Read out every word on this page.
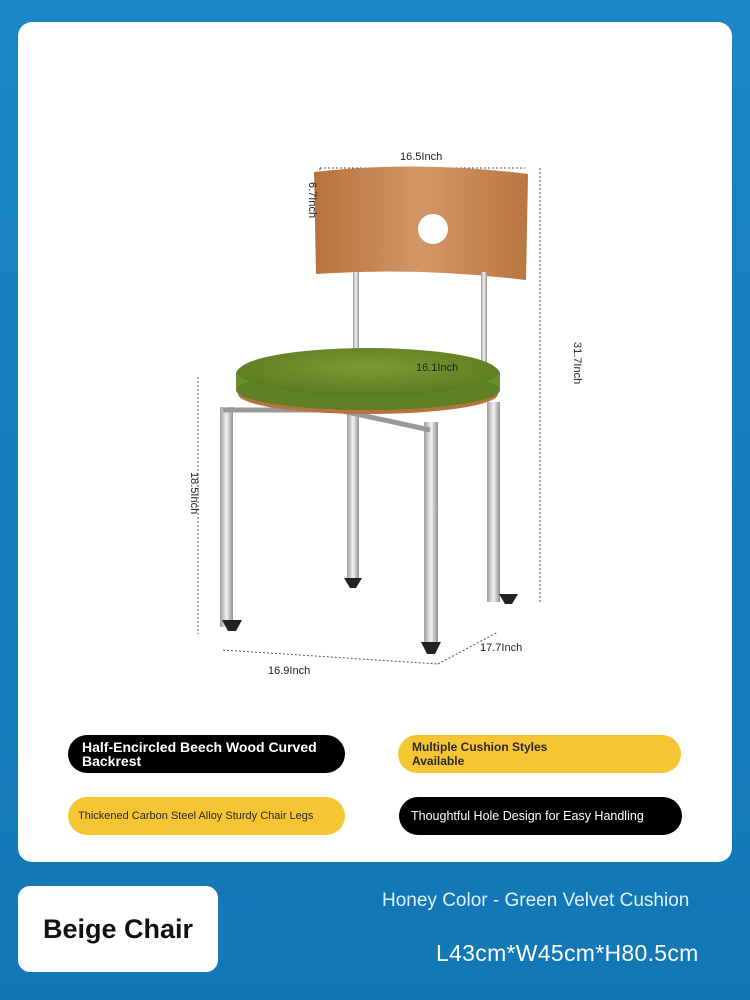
16.5Inch
6.7Inch
31.7Inch
16.1Inch
18.5Inch
16.9Inch
17.7Inch
Half-Encircled Beech Wood Curved Backrest
Multiple Cushion Styles Available
Thickened Carbon Steel Alloy Sturdy Chair Legs	Thoughtful Hole Design for Easy Handling
Beige Chair
Honey Color - Green Velvet Cushion
L43cm*W45cm*H80.5cm
